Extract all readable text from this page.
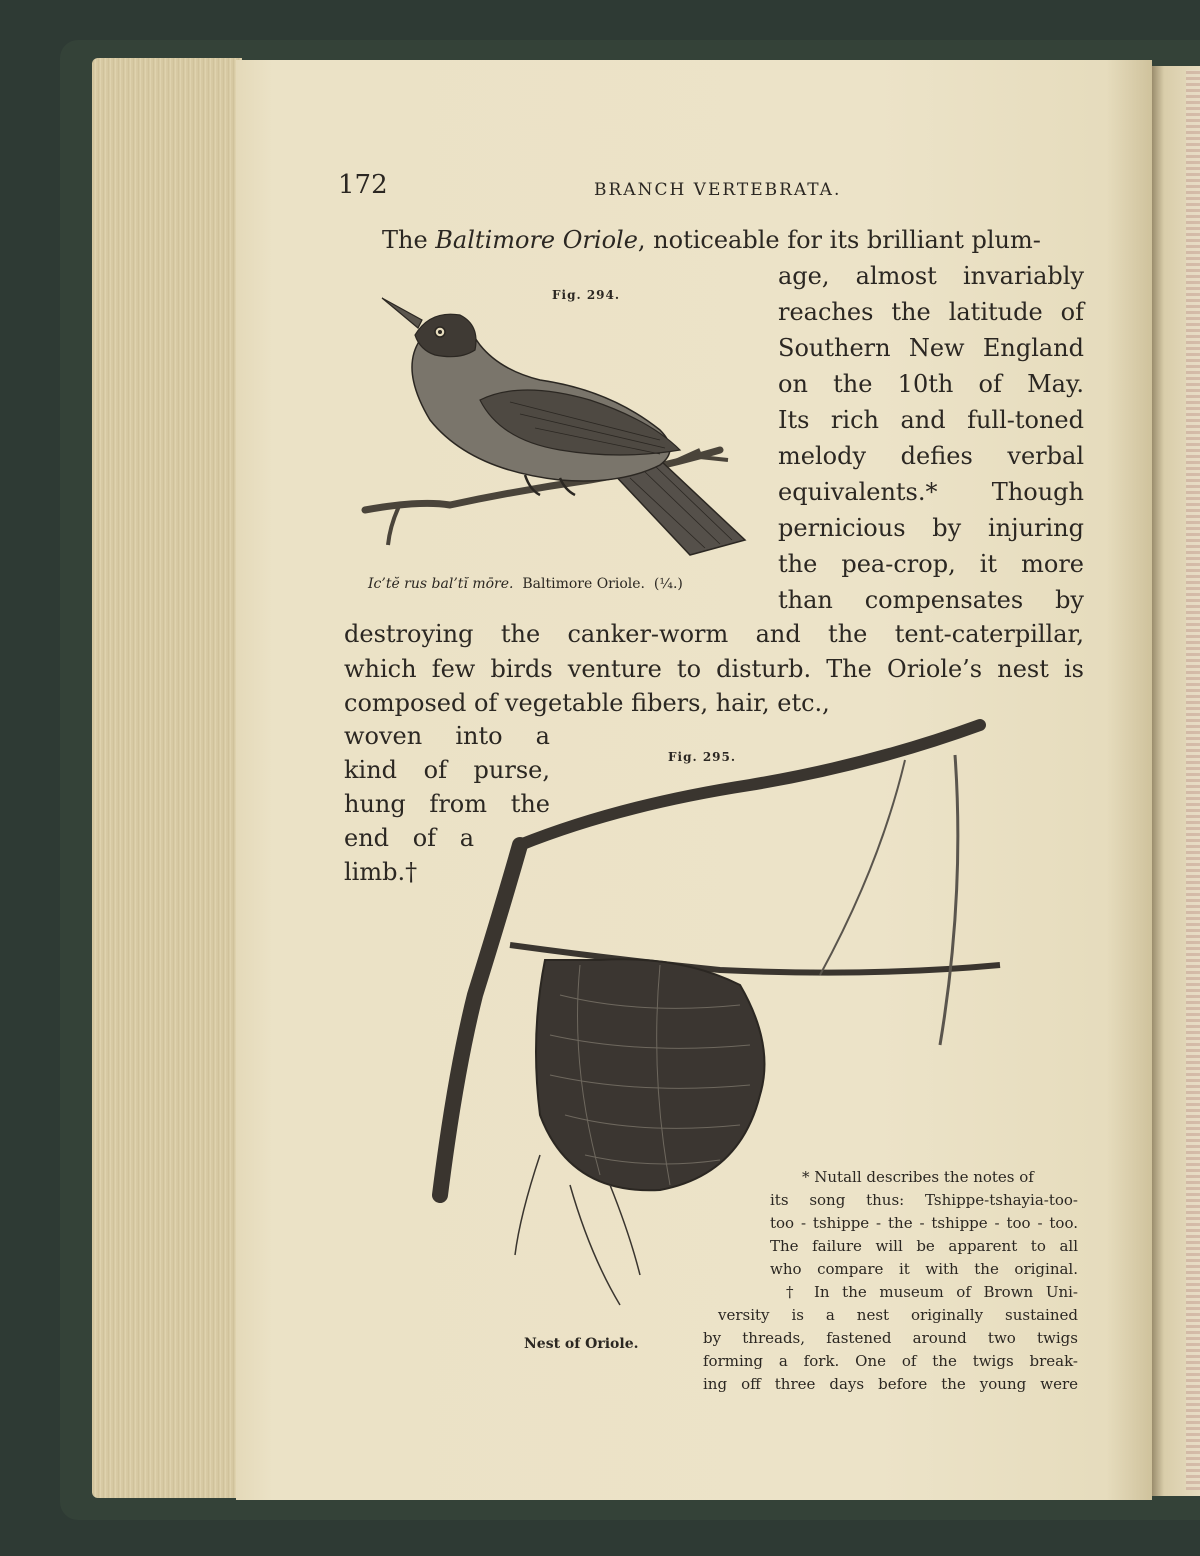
172	BRANCH VERTEBRATA.
The Baltimore Oriole, noticeable for its brilliant plum-
age, almost invariably
reaches the latitude of
Southern New England
on the 10th of May.
Its rich and full-toned
melody defies verbal
equivalents.* Though
pernicious by injuring
the pea-crop, it more
than compensates by
destroying the canker-worm and the tent-caterpillar,
which few birds venture to disturb. The Oriole’s nest is
composed of vegetable fibers, hair, etc.,
woven into a
kind of purse,
hung from the
end of a
limb.†
Fig. 294.
Ic’tĕ rus bal’tĭ mōre. Baltimore Oriole. (¼.)
Fig. 295.
Nest of Oriole.
* Nutall describes the notes of
its song thus: Tshippe-tshayia-too-
too - tshippe - the - tshippe - too - too.
The failure will be apparent to all
who compare it with the original.
† In the museum of Brown Uni-
versity is a nest originally sustained
by threads, fastened around two twigs
forming a fork. One of the twigs break-
ing off three days before the young were
